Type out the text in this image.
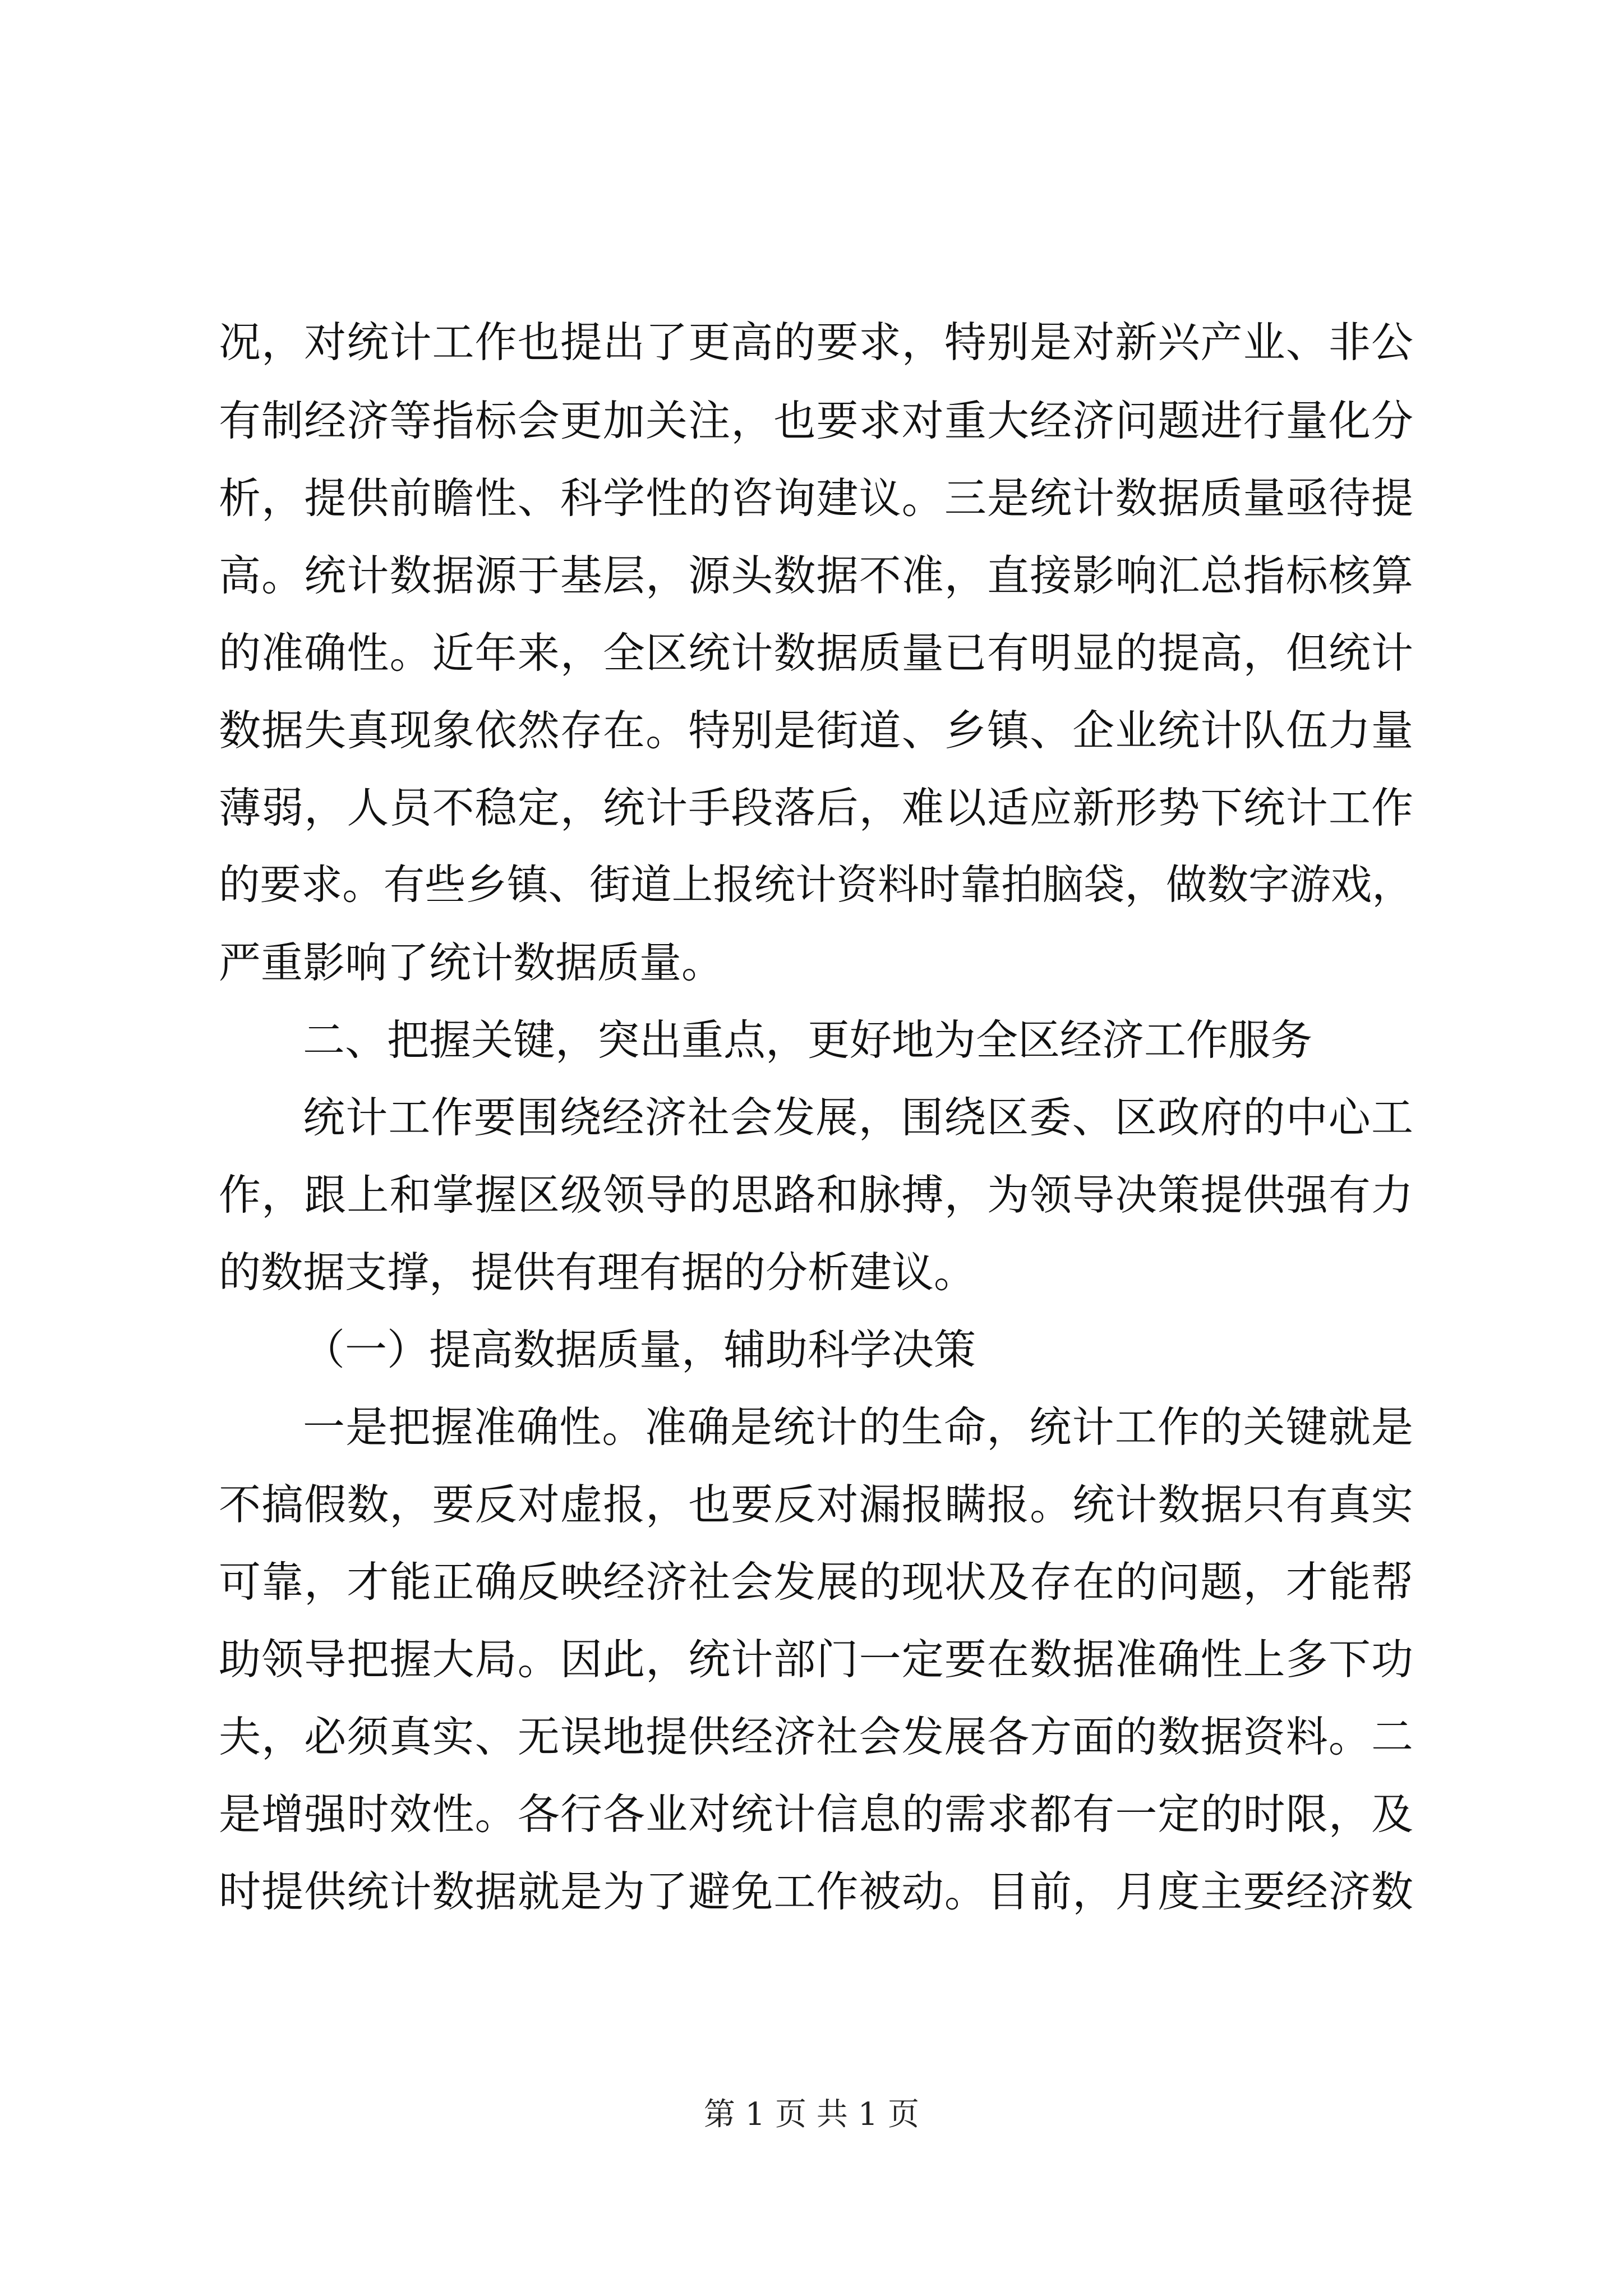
况，对统计工作也提出了更高的要求，特别是对新兴产业、非公
有制经济等指标会更加关注，也要求对重大经济问题进行量化分
析，提供前瞻性、科学性的咨询建议。三是统计数据质量亟待提
高。统计数据源于基层，源头数据不准，直接影响汇总指标核算
的准确性。近年来，全区统计数据质量已有明显的提高，但统计
数据失真现象依然存在。特别是街道、乡镇、企业统计队伍力量
薄弱，人员不稳定，统计手段落后，难以适应新形势下统计工作
的要求。有些乡镇、街道上报统计资料时靠拍脑袋，做数字游戏，
严重影响了统计数据质量。
二、把握关键，突出重点，更好地为全区经济工作服务
统计工作要围绕经济社会发展，围绕区委、区政府的中心工
作，跟上和掌握区级领导的思路和脉搏，为领导决策提供强有力
的数据支撑，提供有理有据的分析建议。
（一）提高数据质量，辅助科学决策
一是把握准确性。准确是统计的生命，统计工作的关键就是
不搞假数，要反对虚报，也要反对漏报瞒报。统计数据只有真实
可靠，才能正确反映经济社会发展的现状及存在的问题，才能帮
助领导把握大局。因此，统计部门一定要在数据准确性上多下功
夫，必须真实、无误地提供经济社会发展各方面的数据资料。二
是增强时效性。各行各业对统计信息的需求都有一定的时限，及
时提供统计数据就是为了避免工作被动。目前，月度主要经济数
第 1 页 共 1 页
